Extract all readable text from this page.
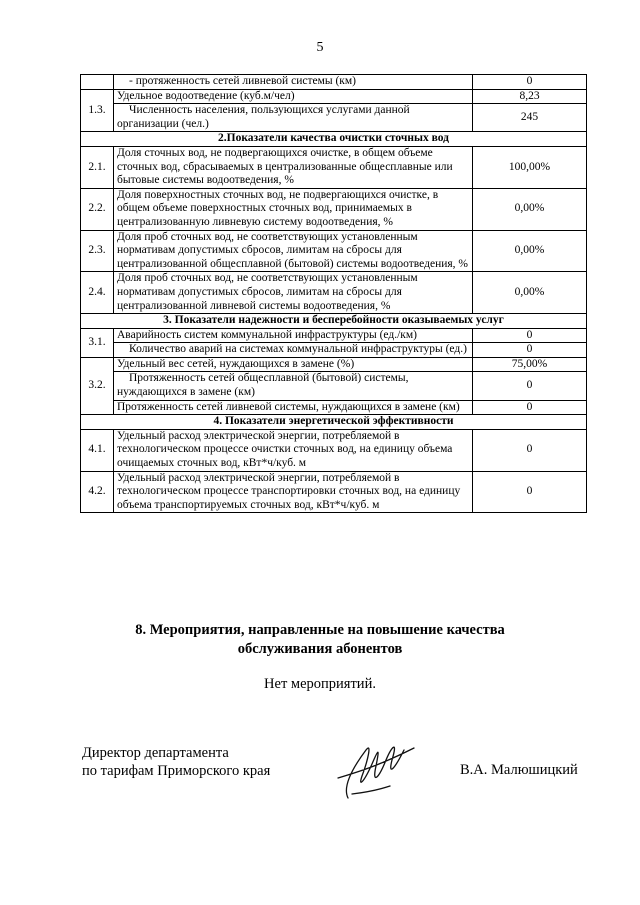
5
	- протяженность сетей ливневой системы (км)	0
1.3.	Удельное водоотведение (куб.м/чел)	8,23
	Численность населения, пользующихся услугами данной организации (чел.)	245
2.Показатели качества очистки сточных вод		
2.1.	Доля сточных вод, не подвергающихся очистке, в общем объеме сточных вод, сбрасываемых в централизованные общесплавные или бытовые системы водоотведения, %	100,00%
2.2.	Доля поверхностных сточных вод, не подвергающихся очистке, в общем объеме поверхностных сточных вод, принимаемых в централизованную ливневую систему водоотведения, %	0,00%
2.3.	Доля проб сточных вод, не соответствующих установленным нормативам допустимых сбросов, лимитам на сбросы для централизованной общесплавной (бытовой) системы водоотведения, %	0,00%
2.4.	Доля проб сточных вод, не соответствующих установленным нормативам допустимых сбросов, лимитам на сбросы для централизованной ливневой системы водоотведения, %	0,00%
3. Показатели надежности и бесперебойности оказываемых услуг		
3.1.	Аварийность систем коммунальной инфраструктуры (ед./км)	0
	Количество аварий на системах коммунальной инфраструктуры (ед.)	0
3.2.	Удельный вес сетей, нуждающихся в замене (%)	75,00%
	Протяженность сетей общесплавной (бытовой) системы, нуждающихся в замене (км)	0
	Протяженность сетей ливневой системы, нуждающихся в замене (км)	0
4. Показатели энергетической эффективности		
4.1.	Удельный расход электрической энергии, потребляемой в технологическом процессе очистки сточных вод, на единицу объема очищаемых сточных вод, кВт*ч/куб. м	0
4.2.	Удельный расход электрической энергии, потребляемой в технологическом процессе транспортировки сточных вод, на единицу объема транспортируемых сточных вод, кВт*ч/куб. м	0
8. Мероприятия, направленные на повышение качества
обслуживания абонентов
Нет мероприятий.
Директор департамента
по тарифам Приморского края	В.А. Малюшицкий
